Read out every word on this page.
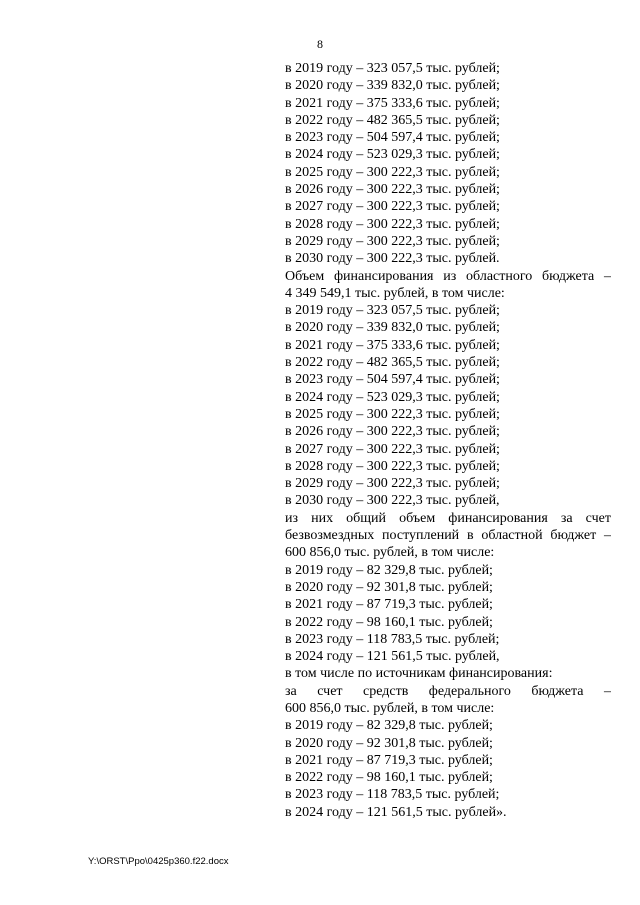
8
в 2019 году – 323 057,5 тыс. рублей;
в 2020 году – 339 832,0 тыс. рублей;
в 2021 году – 375 333,6 тыс. рублей;
в 2022 году – 482 365,5 тыс. рублей;
в 2023 году – 504 597,4 тыс. рублей;
в 2024 году – 523 029,3 тыс. рублей;
в 2025 году – 300 222,3 тыс. рублей;
в 2026 году – 300 222,3 тыс. рублей;
в 2027 году – 300 222,3 тыс. рублей;
в 2028 году – 300 222,3 тыс. рублей;
в 2029 году – 300 222,3 тыс. рублей;
в 2030 году – 300 222,3 тыс. рублей.
Объем финансирования из областного бюджета –
4 349 549,1 тыс. рублей, в том числе:
в 2019 году – 323 057,5 тыс. рублей;
в 2020 году – 339 832,0 тыс. рублей;
в 2021 году – 375 333,6 тыс. рублей;
в 2022 году – 482 365,5 тыс. рублей;
в 2023 году – 504 597,4 тыс. рублей;
в 2024 году – 523 029,3 тыс. рублей;
в 2025 году – 300 222,3 тыс. рублей;
в 2026 году – 300 222,3 тыс. рублей;
в 2027 году – 300 222,3 тыс. рублей;
в 2028 году – 300 222,3 тыс. рублей;
в 2029 году – 300 222,3 тыс. рублей;
в 2030 году – 300 222,3 тыс. рублей,
из них общий объем финансирования за счет
безвозмездных поступлений в областной бюджет –
600 856,0 тыс. рублей, в том числе:
в 2019 году – 82 329,8 тыс. рублей;
в 2020 году – 92 301,8 тыс. рублей;
в 2021 году – 87 719,3 тыс. рублей;
в 2022 году – 98 160,1 тыс. рублей;
в 2023 году – 118 783,5 тыс. рублей;
в 2024 году – 121 561,5 тыс. рублей,
в том числе по источникам финансирования:
за счет средств федерального бюджета –
600 856,0 тыс. рублей, в том числе:
в 2019 году – 82 329,8 тыс. рублей;
в 2020 году – 92 301,8 тыс. рублей;
в 2021 году – 87 719,3 тыс. рублей;
в 2022 году – 98 160,1 тыс. рублей;
в 2023 году – 118 783,5 тыс. рублей;
в 2024 году – 121 561,5 тыс. рублей».
Y:\ORST\Ppo\0425p360.f22.docx
